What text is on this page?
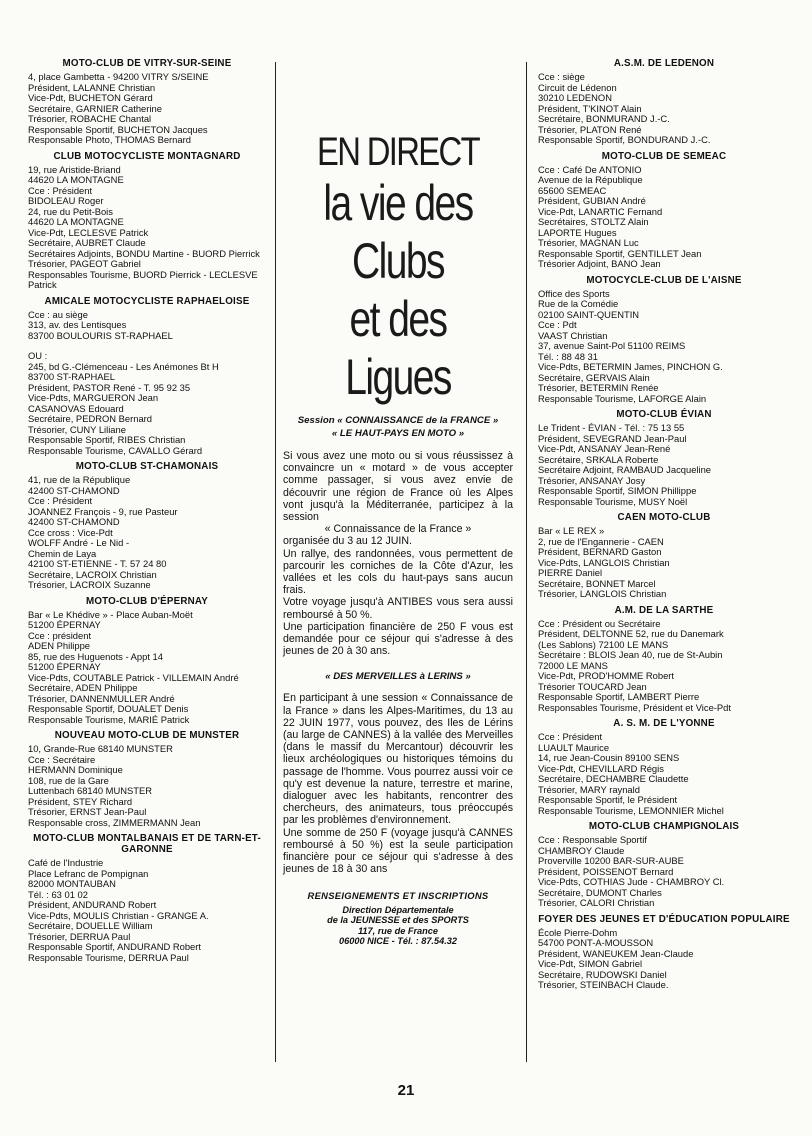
MOTO-CLUB DE VITRY-SUR-SEINE
4, place Gambetta - 94200 VITRY S/SEINE
Président, LALANNE Christian
Vice-Pdt, BUCHETON Gérard
Secrétaire, GARNIER Catherine
Trésorier, ROBACHE Chantal
Responsable Sportif, BUCHETON Jacques
Responsable Photo, THOMAS Bernard
CLUB MOTOCYCLISTE MONTAGNARD
19, rue Aristide-Briand
44620 LA MONTAGNE
Cce : Président
BIDOLEAU Roger
24, rue du Petit-Bois
44620 LA MONTAGNE
Vice-Pdt, LECLESVE Patrick
Secrétaire, AUBRET Claude
Secrétaires Adjoints, BONDU Martine - BUORD Pierrick
Trésorier, PAGEOT Gabriel
Responsables Tourisme, BUORD Pierrick - LECLESVE Patrick
AMICALE MOTOCYCLISTE RAPHAELOISE
Cce : au siège
313, av. des Lentisques
83700 BOULOURIS ST-RAPHAEL
OU :
245, bd G.-Clémenceau - Les Anémones Bt H
83700 ST-RAPHAEL
Président, PASTOR René - T. 95 92 35
Vice-Pdts, MARGUERON Jean
CASANOVAS Edouard
Secrétaire, PEDRON Bernard
Trésorier, CUNY Liliane
Responsable Sportif, RIBES Christian
Responsable Tourisme, CAVALLO Gérard
MOTO-CLUB ST-CHAMONAIS
41, rue de la République
42400 ST-CHAMOND
Cce : Président
JOANNEZ François - 9, rue Pasteur
42400 ST-CHAMOND
Cce cross : Vice-Pdt
WOLFF André - Le Nid -
Chemin de Laya
42100 ST-ETIENNE - T. 57 24 80
Secrétaire, LACROIX Christian
Trésorier, LACROIX Suzanne
MOTO-CLUB D'ÉPERNAY
Bar « Le Khédive » - Place Auban-Moët
51200 ÉPERNAY
Cce : président
ADEN Philippe
85, rue des Huguenots - Appt 14
51200 ÉPERNAY
Vice-Pdts, COUTABLE Patrick - VILLEMAIN André
Secrétaire, ADEN Philippe
Trésorier, DANNENMULLER André
Responsable Sportif, DOUALET Denis
Responsable Tourisme, MARIÉ Patrick
NOUVEAU MOTO-CLUB DE MUNSTER
10, Grande-Rue 68140 MUNSTER
Cce : Secrétaire
HERMANN Dominique
108, rue de la Gare
Luttenbach 68140 MUNSTER
Président, STEY Richard
Trésorier, ERNST Jean-Paul
Responsable cross, ZIMMERMANN Jean
MOTO-CLUB MONTALBANAIS ET DE TARN-ET-GARONNE
Café de l'Industrie
Place Lefranc de Pompignan
82000 MONTAUBAN
Tél. : 63 01 02
Président, ANDURAND Robert
Vice-Pdts, MOULIS Christian - GRANGE A.
Secrétaire, DOUELLE William
Trésorier, DERRUA Paul
Responsable Sportif, ANDURAND Robert
Responsable Tourisme, DERRUA Paul
EN DIRECT
la vie des
Clubs
et des Ligues
Session « CONNAISSANCE de la FRANCE »
« LE HAUT-PAYS EN MOTO »

Si vous avez une moto ou si vous réussissez à convaincre un « motard » de vous accepter comme passager, si vous avez envie de découvrir une région de France où les Alpes vont jusqu'à la Méditerranée, participez à la session

« Connaissance de la France »

organisée du 3 au 12 JUIN.

Un rallye, des randonnées, vous permettent de parcourir les corniches de la Côte d'Azur, les vallées et les cols du haut-pays sans aucun frais.

Votre voyage jusqu'à ANTIBES vous sera aussi remboursé à 50 %.

Une participation financière de 250 F vous est demandée pour ce séjour qui s'adresse à des jeunes de 20 à 30 ans.

« DES MERVEILLES à LERINS »

En participant à une session « Connaissance de la France » dans les Alpes-Maritimes, du 13 au 22 JUIN 1977, vous pouvez, des Iles de Lérins (au large de CANNES) à la vallée des Merveilles (dans le massif du Mercantour) découvrir les lieux archéologiques ou historiques témoins du passage de l'homme. Vous pourrez aussi voir ce qu'y est devenue la nature, terrestre et marine, dialoguer avec les habitants, rencontrer des chercheurs, des animateurs, tous préoccupés par les problèmes d'environnement.

Une somme de 250 F (voyage jusqu'à CANNES remboursé à 50 %) est la seule participation financière pour ce séjour qui s'adresse à des jeunes de 18 à 30 ans

RENSEIGNEMENTS ET INSCRIPTIONS
Direction Départementale
de la JEUNESSE et des SPORTS
117, rue de France
06000 NICE - Tél. : 87.54.32
A.S.M. DE LEDENON
Cce : siège
Circuit de Lédenon
30210 LEDENON
Président, T'KINOT Alain
Secrétaire, BONMURAND J.-C.
Trésorier, PLATON René
Responsable Sportif, BONDURAND J.-C.
MOTO-CLUB DE SEMEAC
Cce : Café De ANTONIO
Avenue de la République
65600 SEMEAC
Président, GUBIAN André
Vice-Pdt, LANARTIC Fernand
Secrétaires, STOLTZ Alain
LAPORTE Hugues
Trésorier, MAGNAN Luc
Responsable Sportif, GENTILLET Jean
Trésorier Adjoint, BANO Jean
MOTOCYCLE-CLUB DE L'AISNE
Office des Sports
Rue de la Comédie
02100 SAINT-QUENTIN
Cce : Pdt
VAAST Christian
37, avenue Saint-Pol 51100 REIMS
Tél. : 88 48 31
Vice-Pdts, BETERMIN James, PINCHON G.
Secrétaire, GERVAIS Alain
Trésorier, BETERMIN Renée
Responsable Tourisme, LAFORGE Alain
MOTO-CLUB ÉVIAN
Le Trident - ÉVIAN - Tél. : 75 13 55
Président, SEVEGRAND Jean-Paul
Vice-Pdt, ANSANAY Jean-René
Secrétaire, SRKALA Roberte
Secrétaire Adjoint, RAMBAUD Jacqueline
Trésorier, ANSANAY Josy
Responsable Sportif, SIMON Phillippe
Responsable Tourisme, MUSY Noël
CAEN MOTO-CLUB
Bar « LE REX »
2, rue de l'Engannerie - CAEN
Président, BERNARD Gaston
Vice-Pdts, LANGLOIS Christian
PIERRE Daniel
Secrétaire, BONNET Marcel
Trésorier, LANGLOIS Christian
A.M. DE LA SARTHE
Cce : Président ou Secrétaire
Président, DELTONNE 52, rue du Danemark
(Les Sablons) 72100 LE MANS
Secrétaire : BLOIS Jean 40, rue de St-Aubin
72000 LE MANS
Vice-Pdt, PROD'HOMME Robert
Trésorier TOUCARD Jean
Responsable Sportif, LAMBERT Pierre
Responsables Tourisme, Président et Vice-Pdt
A. S. M. DE L'YONNE
Cce : Président
LUAULT Maurice
14, rue Jean-Cousin 89100 SENS
Vice-Pdt, CHEVILLARD Régis
Secrétaire, DECHAMBRE Claudette
Trésorier, MARY raynald
Responsable Sportif, le Président
Responsable Tourisme, LEMONNIER Michel
MOTO-CLUB CHAMPIGNOLAIS
Cce : Responsable Sportif
CHAMBROY Claude
Proverville 10200 BAR-SUR-AUBE
Président, POISSENOT Bernard
Vice-Pdts, COTHIAS Jude - CHAMBROY Cl.
Secrétaire, DUMONT Charles
Trésorier, CALORI Christian
FOYER DES JEUNES ET D'ÉDUCATION POPULAIRE
École Pierre-Dohm
54700 PONT-A-MOUSSON
Président, WANEUKEM Jean-Claude
Vice-Pdt, SIMON Gabriel
Secrétaire, RUDOWSKI Daniel
Trésorier, STEINBACH Claude.
21
